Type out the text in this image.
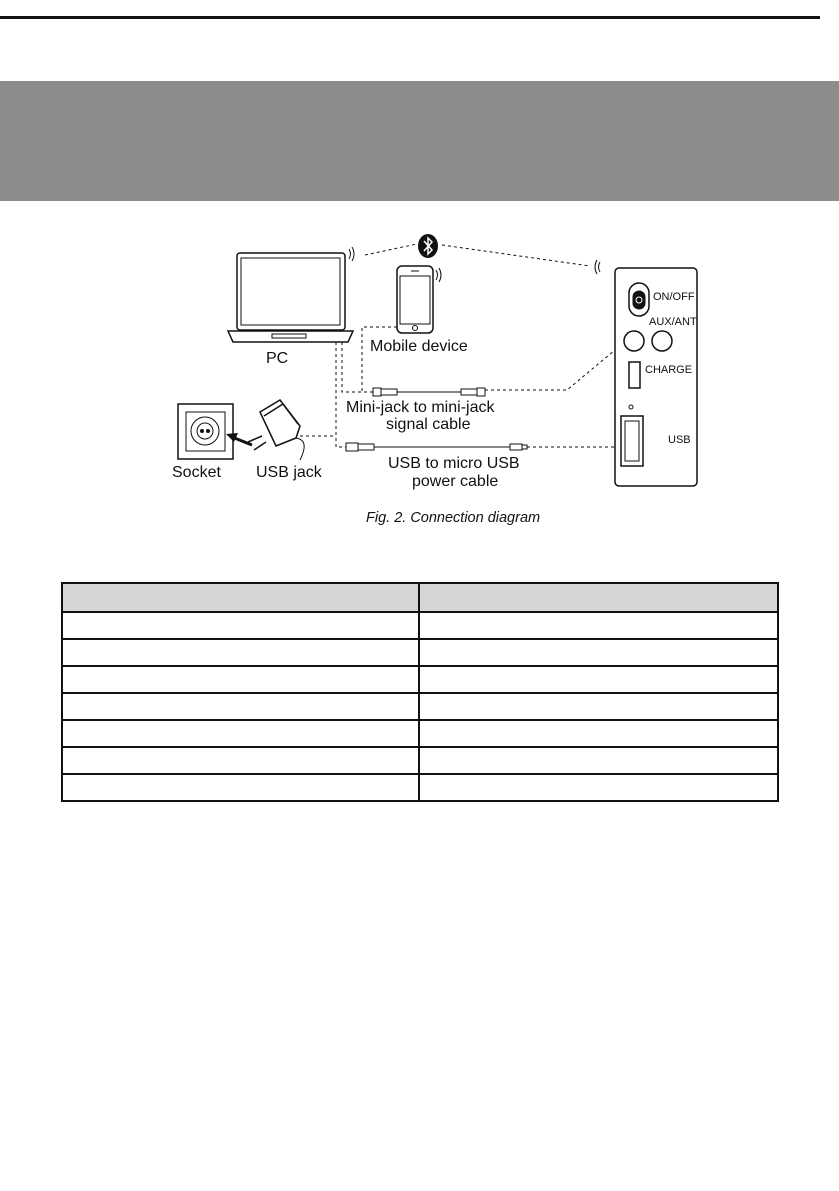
PC
Mobile device
Mini-jack to mini-jack
signal cable
Socket USB jack
USB to micro USB
power cable
ON/OFF
AUX/ANT
CHARGE
USB
Fig. 2. Connection diagram
